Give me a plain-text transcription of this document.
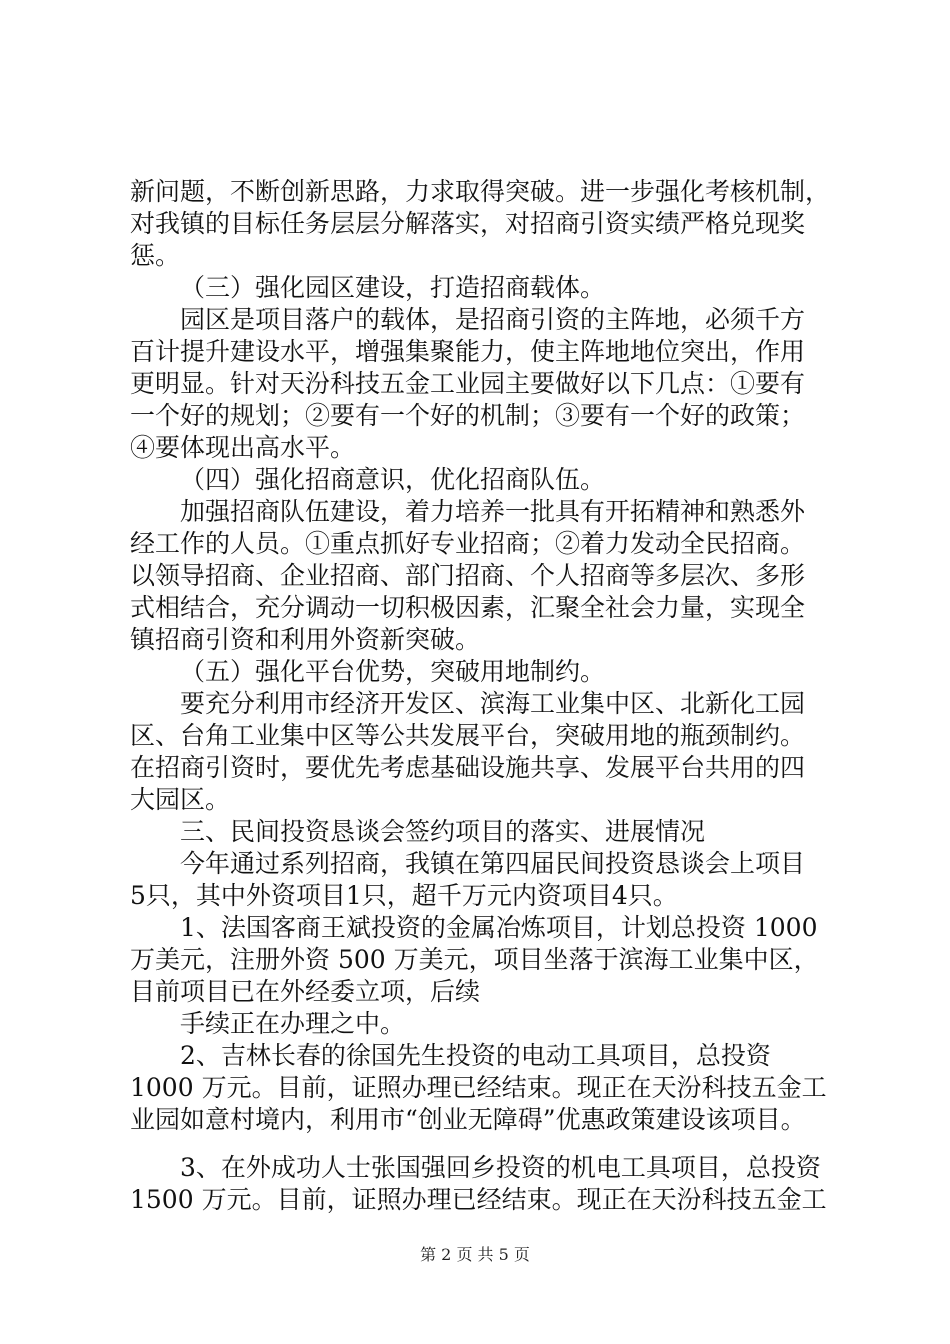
新问题，不断创新思路，力求取得突破。进一步强化考核机制，
对我镇的目标任务层层分解落实，对招商引资实绩严格兑现奖
惩。
（三）强化园区建设，打造招商载体。
园区是项目落户的载体，是招商引资的主阵地，必须千方
百计提升建设水平，增强集聚能力，使主阵地地位突出，作用
更明显。针对天汾科技五金工业园主要做好以下几点：①要有
一个好的规划；②要有一个好的机制；③要有一个好的政策；
④要体现出高水平。
（四）强化招商意识，优化招商队伍。
加强招商队伍建设，着力培养一批具有开拓精神和熟悉外
经工作的人员。①重点抓好专业招商；②着力发动全民招商。
以领导招商、企业招商、部门招商、个人招商等多层次、多形
式相结合，充分调动一切积极因素，汇聚全社会力量，实现全
镇招商引资和利用外资新突破。
（五）强化平台优势，突破用地制约。
要充分利用市经济开发区、滨海工业集中区、北新化工园
区、台角工业集中区等公共发展平台，突破用地的瓶颈制约。
在招商引资时，要优先考虑基础设施共享、发展平台共用的四
大园区。
三、民间投资恳谈会签约项目的落实、进展情况
今年通过系列招商，我镇在第四届民间投资恳谈会上项目
5只，其中外资项目1只，超千万元内资项目4只。
1、法国客商王斌投资的金属冶炼项目，计划总投资 1000
万美元，注册外资 500 万美元，项目坐落于滨海工业集中区，
目前项目已在外经委立项，后续
手续正在办理之中。
2、吉林长春的徐国先生投资的电动工具项目，总投资
1000 万元。目前，证照办理已经结束。现正在天汾科技五金工
业园如意村境内，利用市“创业无障碍”优惠政策建设该项目。
3、在外成功人士张国强回乡投资的机电工具项目，总投资
1500 万元。目前，证照办理已经结束。现正在天汾科技五金工
第 2 页 共 5 页
